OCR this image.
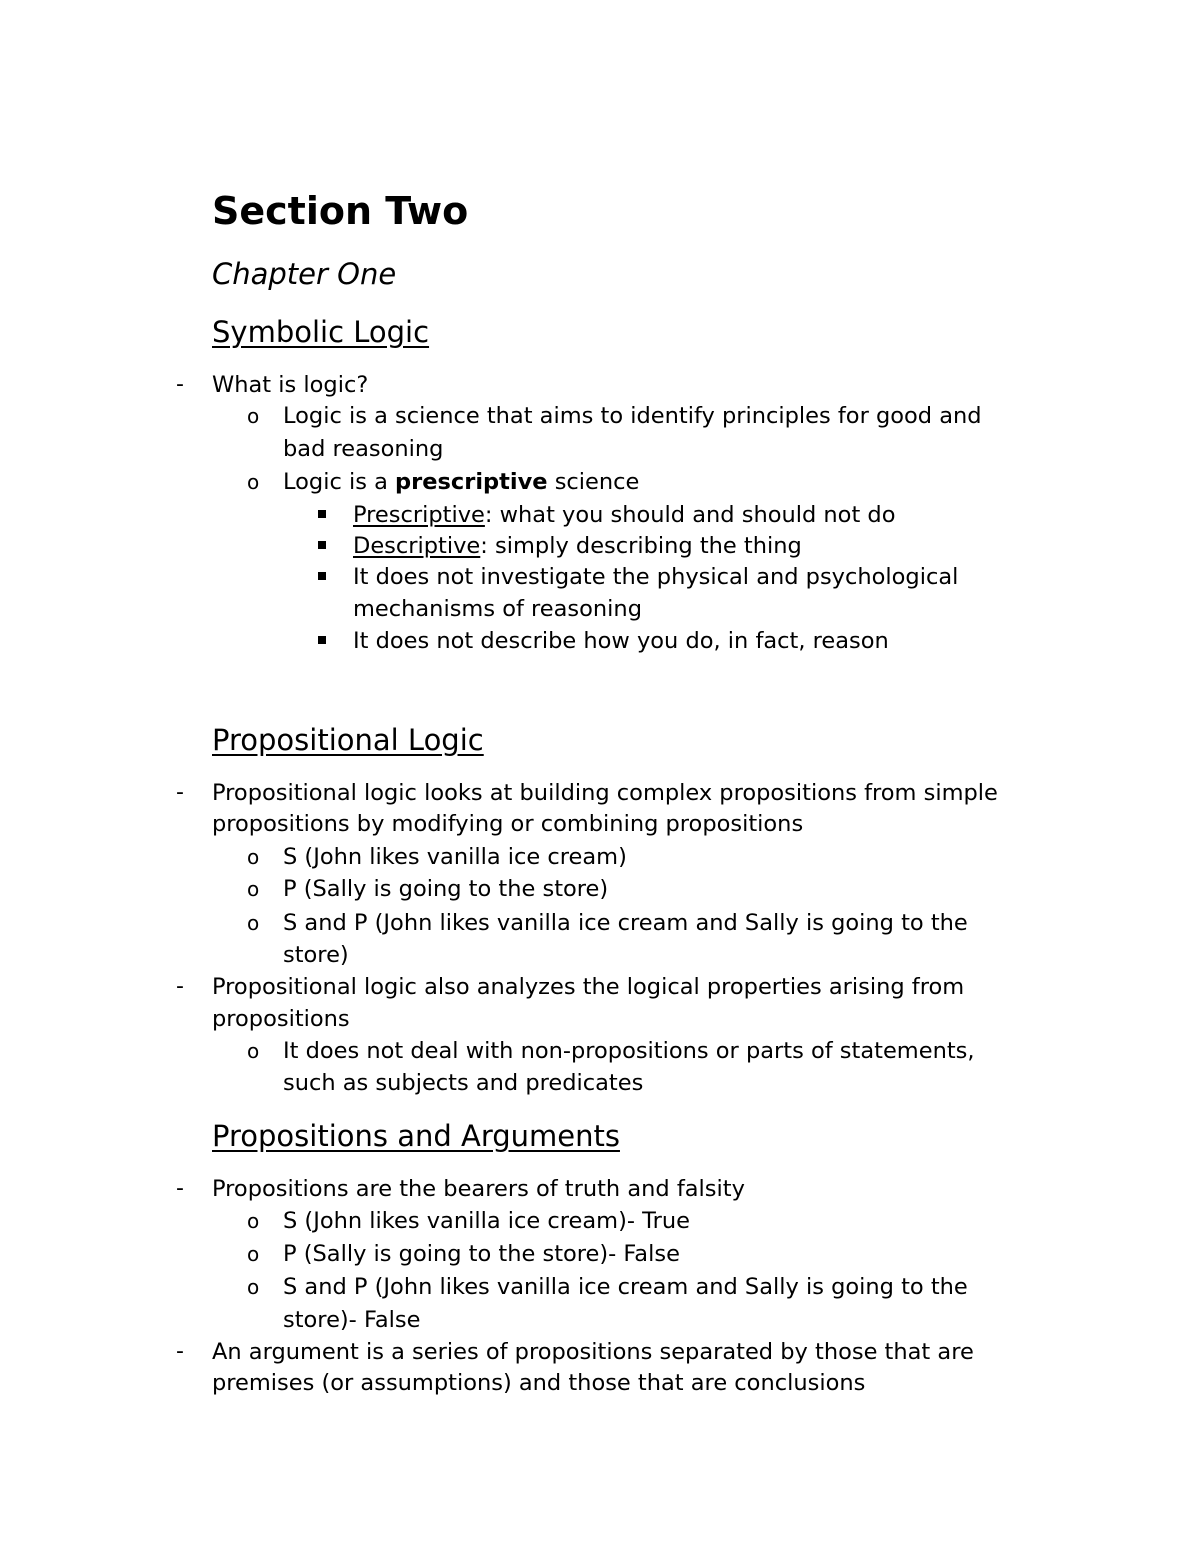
Section Two
Chapter One
Symbolic Logic
- What is logic?
o Logic is a science that aims to identify principles for good and
bad reasoning
o Logic is a prescriptive science
Prescriptive: what you should and should not do
Descriptive: simply describing the thing
It does not investigate the physical and psychological
mechanisms of reasoning
It does not describe how you do, in fact, reason
Propositional Logic
- Propositional logic looks at building complex propositions from simple
propositions by modifying or combining propositions
o S (John likes vanilla ice cream)
o P (Sally is going to the store)
o S and P (John likes vanilla ice cream and Sally is going to the
store)
- Propositional logic also analyzes the logical properties arising from
propositions
o It does not deal with non-propositions or parts of statements,
such as subjects and predicates
Propositions and Arguments
- Propositions are the bearers of truth and falsity
o S (John likes vanilla ice cream)- True
o P (Sally is going to the store)- False
o S and P (John likes vanilla ice cream and Sally is going to the
store)- False
- An argument is a series of propositions separated by those that are
premises (or assumptions) and those that are conclusions
